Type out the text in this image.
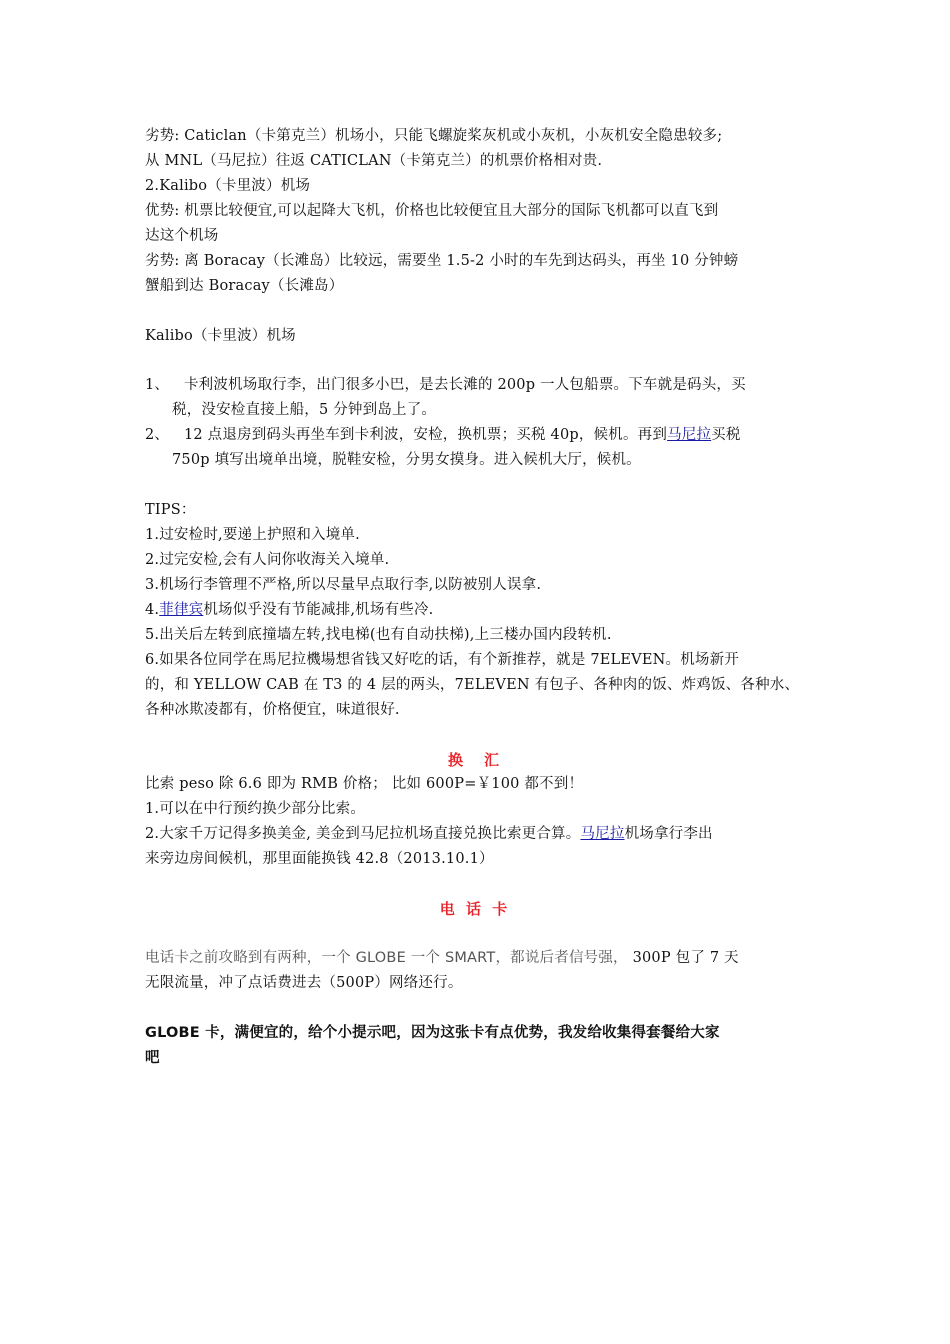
劣势: Caticlan（卡第克兰）机场小，只能飞螺旋桨灰机或小灰机，小灰机安全隐患较多;
从 MNL（马尼拉）往返 CATICLAN（卡第克兰）的机票价格相对贵.
2.Kalibo（卡里波）机场
优势: 机票比较便宜,可以起降大飞机，价格也比较便宜且大部分的国际飞机都可以直飞到
达这个机场
劣势: 离 Boracay（长滩岛）比较远，需要坐 1.5-2 小时的车先到达码头，再坐 10 分钟螃
蟹船到达 Boracay（长滩岛）
Kalibo（卡里波）机场
1、 卡利波机场取行李，出门很多小巴，是去长滩的 200p 一人包船票。下车就是码头，买
税，没安检直接上船，5 分钟到岛上了。
2、 12 点退房到码头再坐车到卡利波，安检，换机票；买税 40p，候机。再到马尼拉买税
750p 填写出境单出境，脱鞋安检，分男女摸身。进入候机大厅，候机。
TIPS：
1.过安检时,要递上护照和入境单.
2.过完安检,会有人问你收海关入境单.
3.机场行李管理不严格,所以尽量早点取行李,以防被别人误拿.
4.菲律宾机场似乎没有节能减排,机场有些冷.
5.出关后左转到底撞墙左转,找电梯(也有自动扶梯),上三楼办国内段转机.
6.如果各位同学在馬尼拉機場想省钱又好吃的话，有个新推荐，就是 7ELEVEN。机场新开
的，和 YELLOW CAB 在 T3 的 4 层的两头，7ELEVEN 有包子、各种肉的饭、炸鸡饭、各种水、
各种冰欺凌都有，价格便宜，味道很好.
换　汇
比索 peso 除 6.6 即为 RMB 价格； 比如 600P=￥100 都不到！
1.可以在中行预约换少部分比索。
2.大家千万记得多换美金, 美金到马尼拉机场直接兑换比索更合算。马尼拉机场拿行李出
来旁边房间候机，那里面能换钱 42.8（2013.10.1）
电 话 卡
电话卡之前攻略到有两种，一个 GLOBE 一个 SMART，都说后者信号强， 300P 包了 7 天
无限流量，冲了点话费进去（500P）网络还行。
GLOBE 卡，满便宜的，给个小提示吧，因为这张卡有点优势，我发给收集得套餐给大家
吧
